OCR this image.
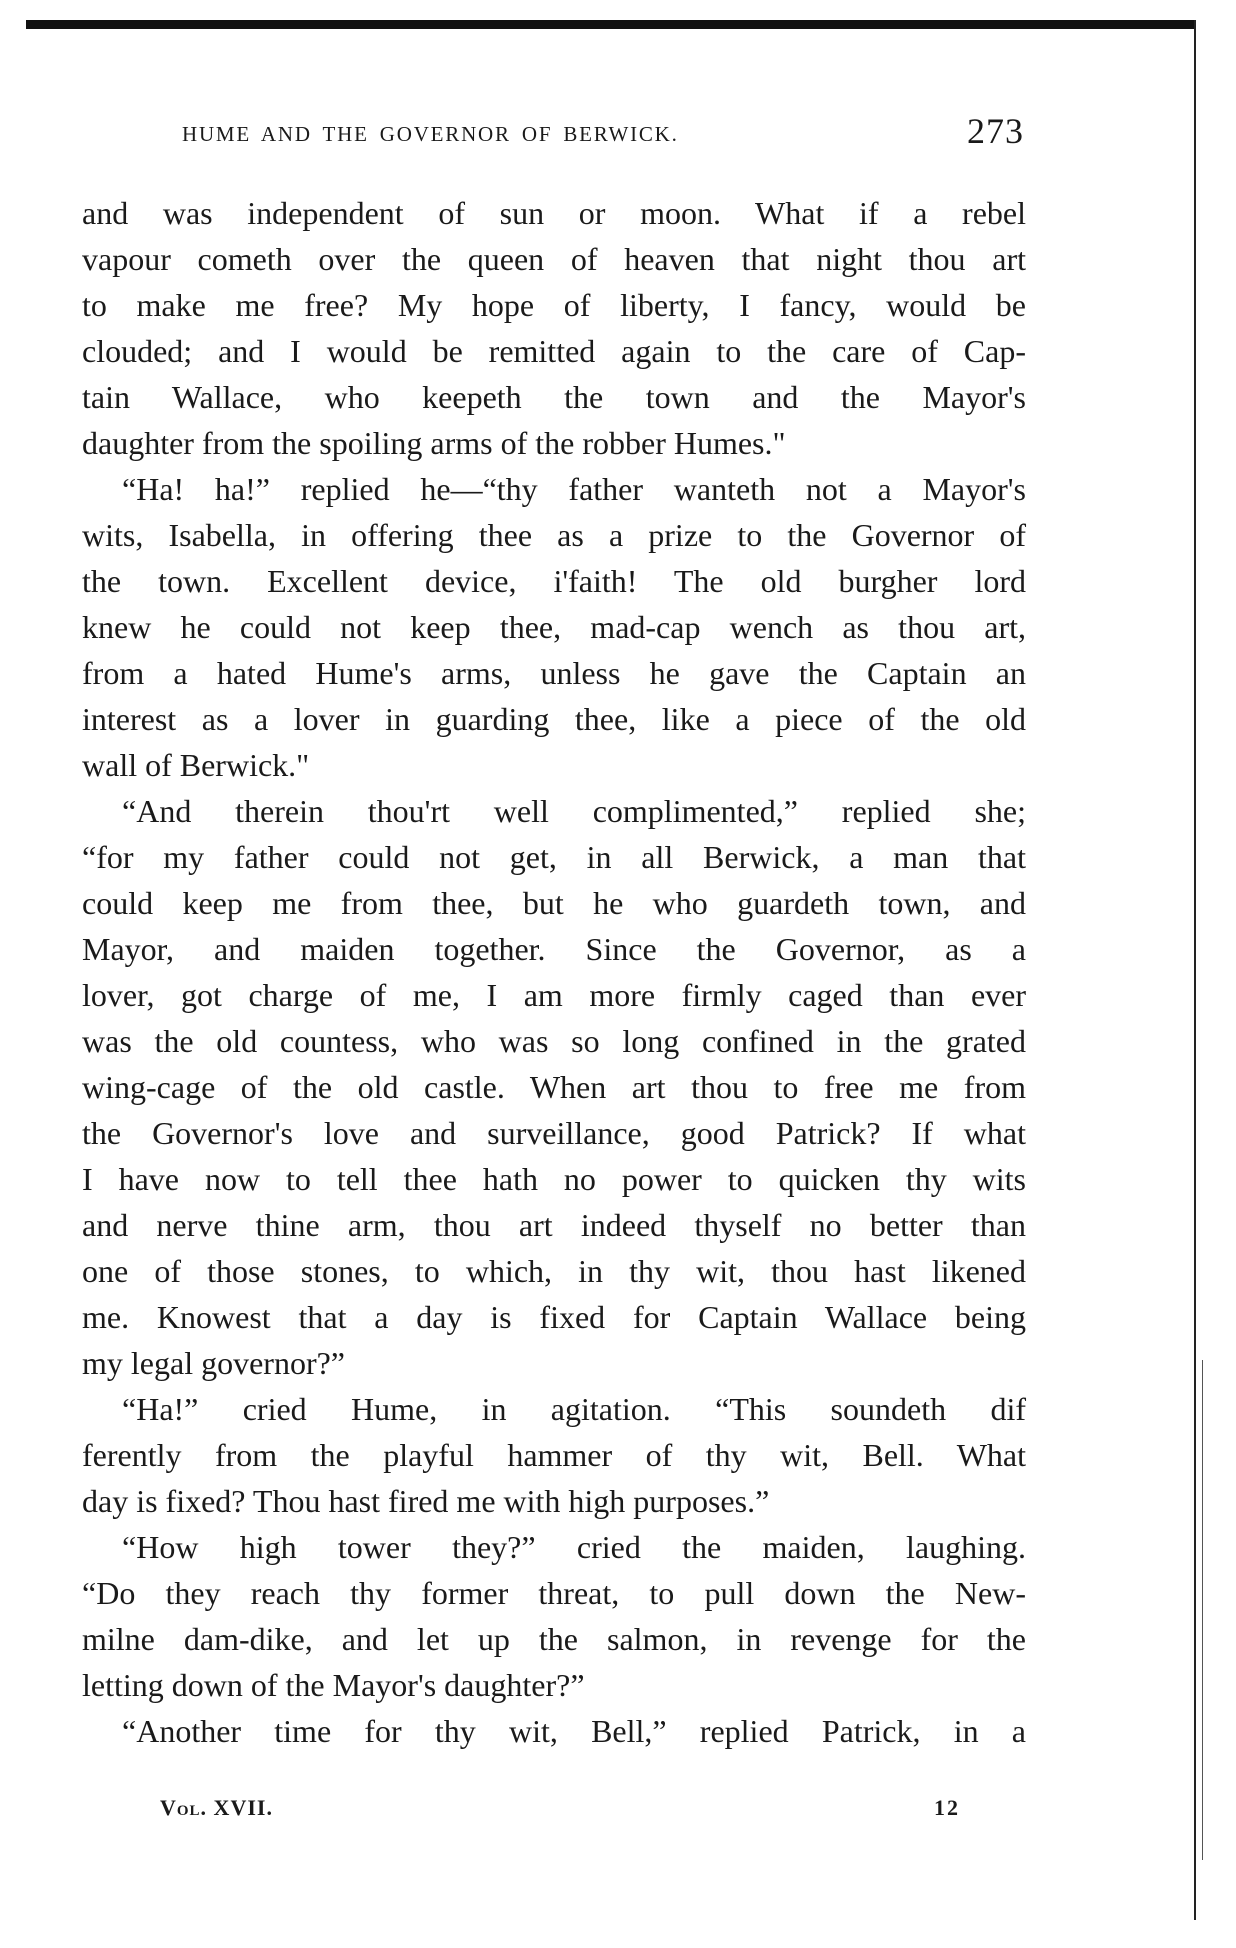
HUME AND THE GOVERNOR OF BERWICK.	273
and was independent of sun or moon. What if a rebel
vapour cometh over the queen of heaven that night thou art
to make me free? My hope of liberty, I fancy, would be
clouded; and I would be remitted again to the care of Cap-
tain Wallace, who keepeth the town and the Mayor's
daughter from the spoiling arms of the robber Humes."
“Ha! ha!” replied he—“thy father wanteth not a Mayor's
wits, Isabella, in offering thee as a prize to the Governor of
the town. Excellent device, i'faith! The old burgher lord
knew he could not keep thee, mad-cap wench as thou art,
from a hated Hume's arms, unless he gave the Captain an
interest as a lover in guarding thee, like a piece of the old
wall of Berwick."
“And therein thou'rt well complimented,” replied she;
“for my father could not get, in all Berwick, a man that
could keep me from thee, but he who guardeth town, and
Mayor, and maiden together. Since the Governor, as a
lover, got charge of me, I am more firmly caged than ever
was the old countess, who was so long confined in the grated
wing-cage of the old castle. When art thou to free me from
the Governor's love and surveillance, good Patrick? If what
I have now to tell thee hath no power to quicken thy wits
and nerve thine arm, thou art indeed thyself no better than
one of those stones, to which, in thy wit, thou hast likened
me. Knowest that a day is fixed for Captain Wallace being
my legal governor?”
“Ha!” cried Hume, in agitation. “This soundeth dif
ferently from the playful hammer of thy wit, Bell. What
day is fixed? Thou hast fired me with high purposes.”
“How high tower they?” cried the maiden, laughing.
“Do they reach thy former threat, to pull down the New-
milne dam-dike, and let up the salmon, in revenge for the
letting down of the Mayor's daughter?”
“Another time for thy wit, Bell,” replied Patrick, in a
Vol. XVII.	12
